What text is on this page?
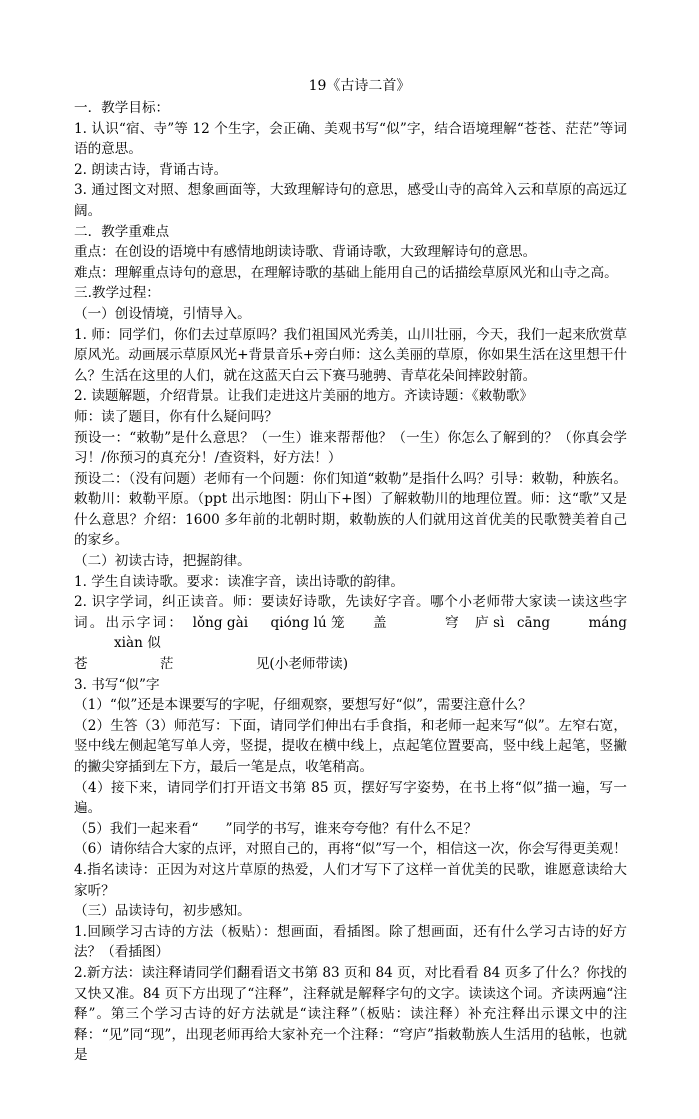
19《古诗二首》

一．教学目标：

1. 认识“宿、寺”等 12 个生字，会正确、美观书写“似”字，结合语境理解“苍苍、茫茫”等词语的意思。

2. 朗读古诗，背诵古诗。

3. 通过图文对照、想象画面等，大致理解诗句的意思，感受山寺的高耸入云和草原的高远辽阔。

二．教学重难点

重点：在创设的语境中有感情地朗读诗歌、背诵诗歌，大致理解诗句的意思。

难点：理解重点诗句的意思，在理解诗歌的基础上能用自己的话描绘草原风光和山寺之高。

三.教学过程：

（一）创设情境，引情导入。

1. 师：同学们，你们去过草原吗？我们祖国风光秀美，山川壮丽，今天，我们一起来欣赏草原风光。动画展示草原风光+背景音乐+旁白师：这么美丽的草原，你如果生活在这里想干什么？生活在这里的人们，就在这蓝天白云下赛马驰骋、青草花朵间摔跤射箭。

2. 读题解题，介绍背景。让我们走进这片美丽的地方。齐读诗题：《敕勒歌》

师：读了题目，你有什么疑问吗？

预设一：“敕勒”是什么意思？（一生）谁来帮帮他？（一生）你怎么了解到的？（你真会学习！/你预习的真充分！/查资料，好方法！）

预设二：（没有问题）老师有一个问题：你们知道“敕勒”是指什么吗？引导：敕勒，种族名。敕勒川：敕勒平原。（ppt 出示地图：阴山下+图）了解敕勒川的地理位置。师：这“歌”又是什么意思？介绍：1600 多年前的北朝时期，敕勒族的人们就用这首优美的民歌赞美着自己的家乡。

（二）初读古诗，把握韵律。

1. 学生自读诗歌。要求：读准字音，读出诗歌的韵律。

2. 识字学词，纠正读音。师：要读好诗歌，先读好字音。哪个小老师带大家读一读这些字词。出示字词： lǒng gài qióng lú 笼 盖	穹 庐 sì cāng	máng xiàn 似

苍	茫	见(小老师带读)

3. 书写“似”字

（1）“似”还是本课要写的字呢，仔细观察，要想写好“似”，需要注意什么？

（2）生答（3）师范写：下面，请同学们伸出右手食指，和老师一起来写“似”。左窄右宽，竖中线左侧起笔写单人旁，竖提，提收在横中线上，点起笔位置要高，竖中线上起笔，竖撇的撇尖穿插到左下方，最后一笔是点，收笔稍高。

（4）接下来，请同学们打开语文书第 85 页，摆好写字姿势，在书上将“似”描一遍，写一遍。

（5）我们一起来看“　　”同学的书写，谁来夸夸他？有什么不足？

（6）请你结合大家的点评，对照自己的，再将“似”写一个，相信这一次，你会写得更美观！

4.指名读诗：正因为对这片草原的热爱，人们才写下了这样一首优美的民歌，谁愿意读给大家听？

（三）品读诗句，初步感知。

1.回顾学习古诗的方法（板贴）：想画面，看插图。除了想画面，还有什么学习古诗的好方法？（看插图）

2.新方法：读注释请同学们翻看语文书第 83 页和 84 页，对比看看 84 页多了什么？你找的又快又准。84 页下方出现了“注释”，注释就是解释字句的文字。读读这个词。齐读两遍“注释”。第三个学习古诗的好方法就是“读注释”（板贴：读注释）补充注释出示课文中的注释：“见”同“现”，出现老师再给大家补充一个注释：“穹庐”指敕勒族人生活用的毡帐，也就是
